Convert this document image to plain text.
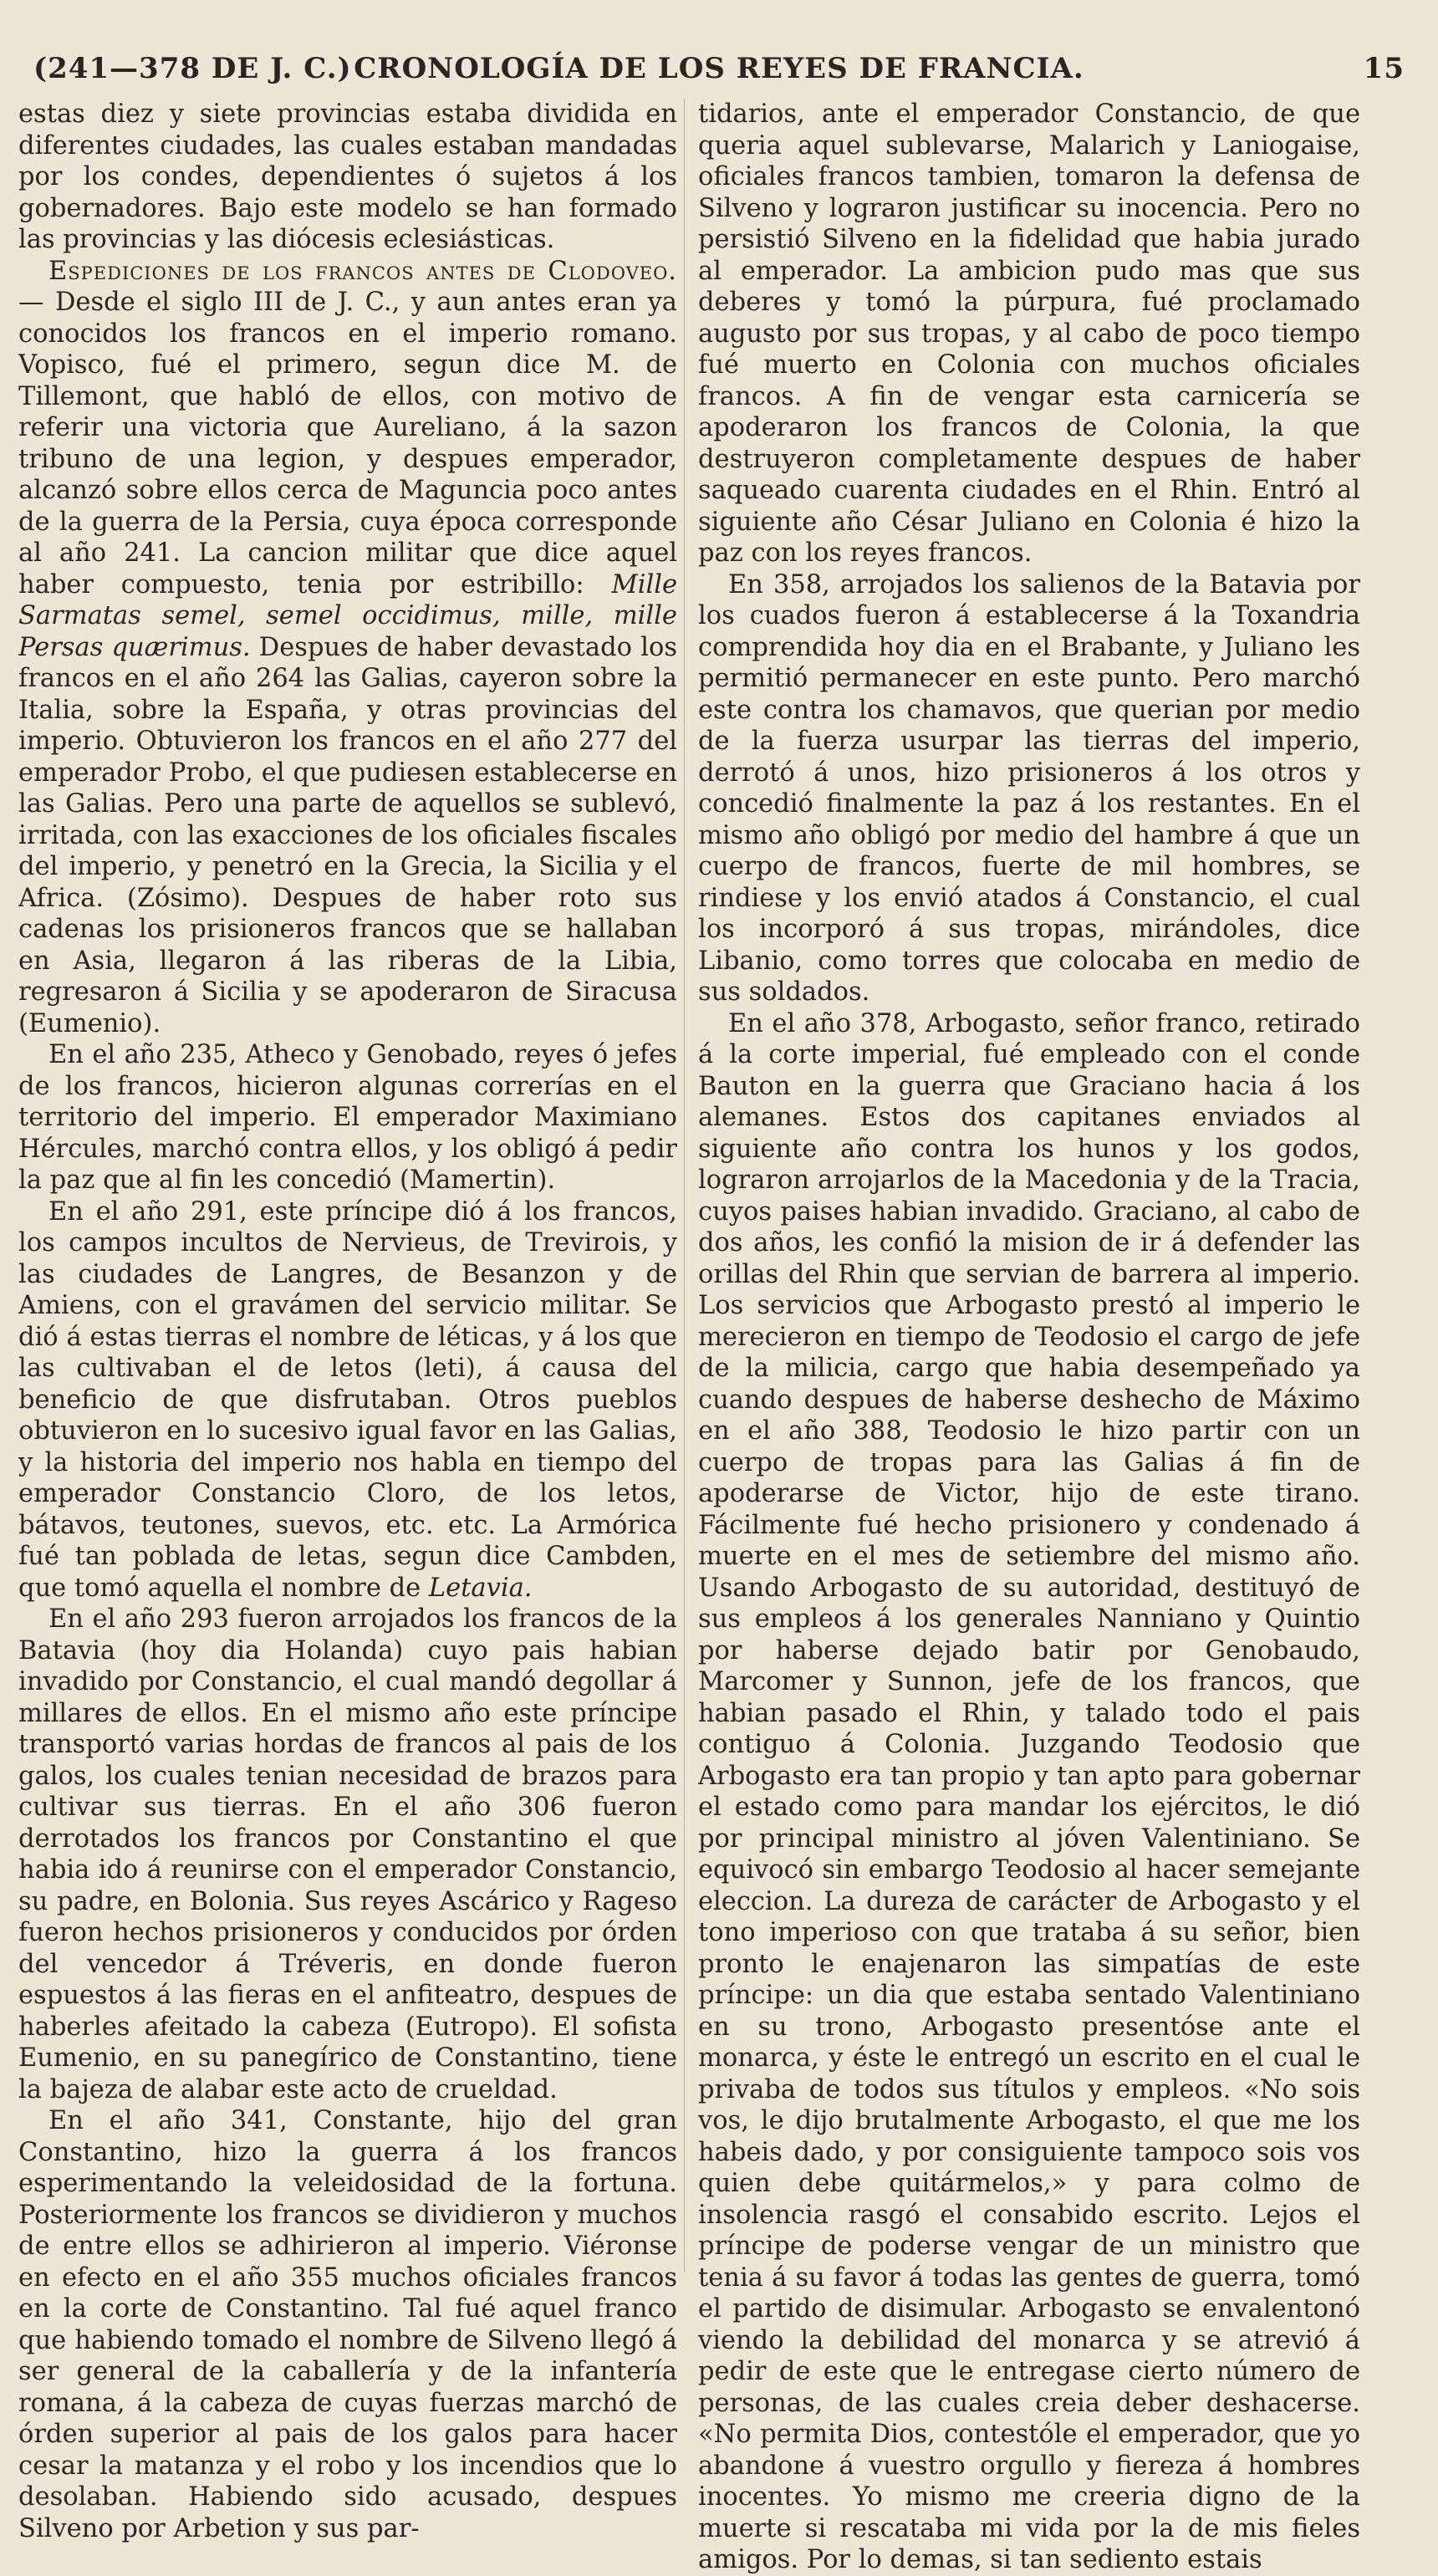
(241—378 DE J. C.) CRONOLOGÍA DE LOS REYES DE FRANCIA.	15

estas diez y siete provincias estaba dividida en diferentes ciudades, las cuales estaban mandadas por los condes, dependientes ó sujetos á los gobernadores. Bajo este modelo se han formado las provincias y las diócesis eclesiásticas.

Espediciones de los francos antes de Clodoveo.— Desde el siglo III de J. C., y aun antes eran ya conocidos los francos en el imperio romano. Vopisco, fué el primero, segun dice M. de Tillemont, que habló de ellos, con motivo de referir una victoria que Aureliano, á la sazon tribuno de una legion, y despues emperador, alcanzó sobre ellos cerca de Maguncia poco antes de la guerra de la Persia, cuya época corresponde al año 241. La cancion militar que dice aquel haber compuesto, tenia por estribillo: Mille Sarmatas semel, semel occidimus, mille, mille Persas quærimus. Despues de haber devastado los francos en el año 264 las Galias, cayeron sobre la Italia, sobre la España, y otras provincias del imperio. Obtuvieron los francos en el año 277 del emperador Probo, el que pudiesen establecerse en las Galias. Pero una parte de aquellos se sublevó, irritada, con las exacciones de los oficiales fiscales del imperio, y penetró en la Grecia, la Sicilia y el Africa. (Zósimo). Despues de haber roto sus cadenas los prisioneros francos que se hallaban en Asia, llegaron á las riberas de la Libia, regresaron á Sicilia y se apoderaron de Siracusa (Eumenio).

En el año 235, Atheco y Genobado, reyes ó jefes de los francos, hicieron algunas correrías en el territorio del imperio. El emperador Maximiano Hércules, marchó contra ellos, y los obligó á pedir la paz que al fin les concedió (Mamertin).

En el año 291, este príncipe dió á los francos, los campos incultos de Nervieus, de Trevirois, y las ciudades de Langres, de Besanzon y de Amiens, con el gravámen del servicio militar. Se dió á estas tierras el nombre de léticas, y á los que las cultivaban el de letos (leti), á causa del beneficio de que disfrutaban. Otros pueblos obtuvieron en lo sucesivo igual favor en las Galias, y la historia del imperio nos habla en tiempo del emperador Constancio Cloro, de los letos, bátavos, teutones, suevos, etc. etc. La Armórica fué tan poblada de letas, segun dice Cambden, que tomó aquella el nombre de Letavia.

En el año 293 fueron arrojados los francos de la Batavia (hoy dia Holanda) cuyo pais habian invadido por Constancio, el cual mandó degollar á millares de ellos. En el mismo año este príncipe transportó varias hordas de francos al pais de los galos, los cuales tenian necesidad de brazos para cultivar sus tierras. En el año 306 fueron derrotados los francos por Constantino el que habia ido á reunirse con el emperador Constancio, su padre, en Bolonia. Sus reyes Ascárico y Rageso fueron hechos prisioneros y conducidos por órden del vencedor á Tréveris, en donde fueron espuestos á las fieras en el anfiteatro, despues de haberles afeitado la cabeza (Eutropo). El sofista Eumenio, en su panegírico de Constantino, tiene la bajeza de alabar este acto de crueldad.

En el año 341, Constante, hijo del gran Constantino, hizo la guerra á los francos esperimentando la veleidosidad de la fortuna. Posteriormente los francos se dividieron y muchos de entre ellos se adhirieron al imperio. Viéronse en efecto en el año 355 muchos oficiales francos en la corte de Constantino. Tal fué aquel franco que habiendo tomado el nombre de Silveno llegó á ser general de la caballería y de la infantería romana, á la cabeza de cuyas fuerzas marchó de órden superior al pais de los galos para hacer cesar la matanza y el robo y los incendios que lo desolaban. Habiendo sido acusado, despues Silveno por Arbetion y sus par-

tidarios, ante el emperador Constancio, de que queria aquel sublevarse, Malarich y Laniogaise, oficiales francos tambien, tomaron la defensa de Silveno y lograron justificar su inocencia. Pero no persistió Silveno en la fidelidad que habia jurado al emperador. La ambicion pudo mas que sus deberes y tomó la púrpura, fué proclamado augusto por sus tropas, y al cabo de poco tiempo fué muerto en Colonia con muchos oficiales francos. A fin de vengar esta carnicería se apoderaron los francos de Colonia, la que destruyeron completamente despues de haber saqueado cuarenta ciudades en el Rhin. Entró al siguiente año César Juliano en Colonia é hizo la paz con los reyes francos.

En 358, arrojados los salienos de la Batavia por los cuados fueron á establecerse á la Toxandria comprendida hoy dia en el Brabante, y Juliano les permitió permanecer en este punto. Pero marchó este contra los chamavos, que querian por medio de la fuerza usurpar las tierras del imperio, derrotó á unos, hizo prisioneros á los otros y concedió finalmente la paz á los restantes. En el mismo año obligó por medio del hambre á que un cuerpo de francos, fuerte de mil hombres, se rindiese y los envió atados á Constancio, el cual los incorporó á sus tropas, mirándoles, dice Libanio, como torres que colocaba en medio de sus soldados.

En el año 378, Arbogasto, señor franco, retirado á la corte imperial, fué empleado con el conde Bauton en la guerra que Graciano hacia á los alemanes. Estos dos capitanes enviados al siguiente año contra los hunos y los godos, lograron arrojarlos de la Macedonia y de la Tracia, cuyos paises habian invadido. Graciano, al cabo de dos años, les confió la mision de ir á defender las orillas del Rhin que servian de barrera al imperio. Los servicios que Arbogasto prestó al imperio le merecieron en tiempo de Teodosio el cargo de jefe de la milicia, cargo que habia desempeñado ya cuando despues de haberse deshecho de Máximo en el año 388, Teodosio le hizo partir con un cuerpo de tropas para las Galias á fin de apoderarse de Victor, hijo de este tirano. Fácilmente fué hecho prisionero y condenado á muerte en el mes de setiembre del mismo año. Usando Arbogasto de su autoridad, destituyó de sus empleos á los generales Nanniano y Quintio por haberse dejado batir por Genobaudo, Marcomer y Sunnon, jefe de los francos, que habian pasado el Rhin, y talado todo el pais contiguo á Colonia. Juzgando Teodosio que Arbogasto era tan propio y tan apto para gobernar el estado como para mandar los ejércitos, le dió por principal ministro al jóven Valentiniano. Se equivocó sin embargo Teodosio al hacer semejante eleccion. La dureza de carácter de Arbogasto y el tono imperioso con que trataba á su señor, bien pronto le enajenaron las simpatías de este príncipe: un dia que estaba sentado Valentiniano en su trono, Arbogasto presentóse ante el monarca, y éste le entregó un escrito en el cual le privaba de todos sus títulos y empleos. «No sois vos, le dijo brutalmente Arbogasto, el que me los habeis dado, y por consiguiente tampoco sois vos quien debe quitármelos,» y para colmo de insolencia rasgó el consabido escrito. Lejos el príncipe de poderse vengar de un ministro que tenia á su favor á todas las gentes de guerra, tomó el partido de disimular. Arbogasto se envalentonó viendo la debilidad del monarca y se atrevió á pedir de este que le entregase cierto número de personas, de las cuales creia deber deshacerse. «No permita Dios, contestóle el emperador, que yo abandone á vuestro orgullo y fiereza á hombres inocentes. Yo mismo me creeria digno de la muerte si rescataba mi vida por la de mis fieles amigos. Por lo demas, si tan sediento estais
